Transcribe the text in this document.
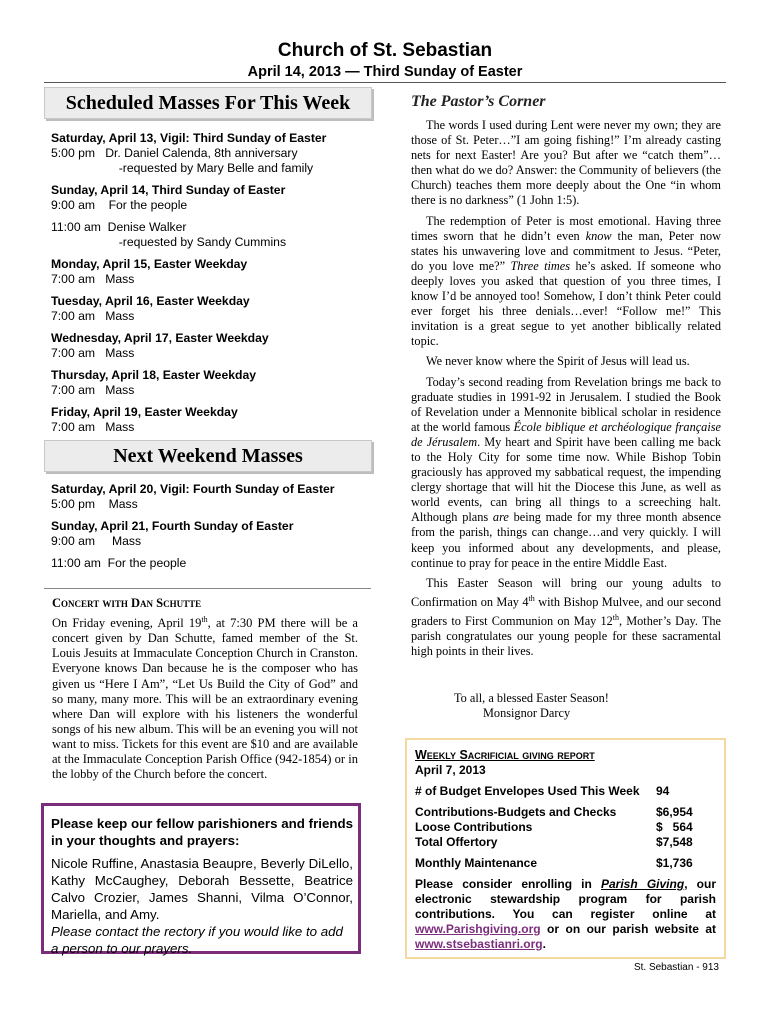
Church of St. Sebastian
April 14, 2013 — Third Sunday of Easter
Scheduled Masses For This Week
Saturday, April 13, Vigil: Third Sunday of Easter
5:00 pm   Dr. Daniel Calenda, 8th anniversary
-requested by Mary Belle and family
Sunday, April 14, Third Sunday of Easter
9:00 am    For the people
11:00 am  Denise Walker
-requested by Sandy Cummins
Monday, April 15, Easter Weekday
7:00 am   Mass
Tuesday, April 16, Easter Weekday
7:00 am   Mass
Wednesday, April 17, Easter Weekday
7:00 am   Mass
Thursday, April 18, Easter Weekday
7:00 am   Mass
Friday, April 19, Easter Weekday
7:00 am   Mass
Next Weekend Masses
Saturday, April 20, Vigil: Fourth Sunday of Easter
5:00 pm    Mass
Sunday, April 21, Fourth Sunday of Easter
9:00 am     Mass
11:00 am  For the people
Concert with Dan Schutte
On Friday evening, April 19th, at 7:30 PM there will be a concert given by Dan Schutte, famed member of the St. Louis Jesuits at Immaculate Conception Church in Cranston. Everyone knows Dan because he is the composer who has given us “Here I Am”, “Let Us Build the City of God” and so many, many more. This will be an extraordinary evening where Dan will explore with his listeners the wonderful songs of his new album. This will be an evening you will not want to miss. Tickets for this event are $10 and are available at the Immaculate Conception Parish Office (942-1854) or in the lobby of the Church before the concert.
Please keep our fellow parishioners and friends in your thoughts and prayers:
Nicole Ruffine, Anastasia Beaupre, Beverly DiLello, Kathy McCaughey, Deborah Bessette, Beatrice Calvo Crozier, James Shanni, Vilma O’Connor, Mariella, and Amy.
Please contact the rectory if you would like to add a person to our prayers.
The Pastor’s Corner

The words I used during Lent were never my own; they are those of St. Peter…”I am going fishing!” I’m already casting nets for next Easter! Are you? But after we “catch them”… then what do we do? Answer: the Community of believers (the Church) teaches them more deeply about the One “in whom there is no darkness” (1 John 1:5).

The redemption of Peter is most emotional. Having three times sworn that he didn’t even know the man, Peter now states his unwavering love and commitment to Jesus. “Peter, do you love me?” Three times he’s asked. If someone who deeply loves you asked that question of you three times, I know I’d be annoyed too! Somehow, I don’t think Peter could ever forget his three denials…ever! “Follow me!” This invitation is a great segue to yet another biblically related topic.

We never know where the Spirit of Jesus will lead us.

Today’s second reading from Revelation brings me back to graduate studies in 1991-92 in Jerusalem. I studied the Book of Revelation under a Mennonite biblical scholar in residence at the world famous École biblique et archéologique française de Jérusalem. My heart and Spirit have been calling me back to the Holy City for some time now. While Bishop Tobin graciously has approved my sabbatical request, the impending clergy shortage that will hit the Diocese this June, as well as world events, can bring all things to a screeching halt. Although plans are being made for my three month absence from the parish, things can change…and very quickly. I will keep you informed about any developments, and please, continue to pray for peace in the entire Middle East.

This Easter Season will bring our young adults to Confirmation on May 4th with Bishop Mulvee, and our second graders to First Communion on May 12th, Mother’s Day. The parish congratulates our young people for these sacramental high points in their lives.

To all, a blessed Easter Season!
Monsignor Darcy
Weekly Sacrificial giving report
April 7, 2013
# of Budget Envelopes Used This Week 94
Contributions-Budgets and Checks	$6,954
Loose Contributions	$   564
Total Offertory	$7,548
Monthly Maintenance	$1,736
Please consider enrolling in Parish Giving, our electronic stewardship program for parish contributions. You can register online at www.Parishgiving.org or on our parish website at www.stsebastianri.org.
St. Sebastian - 913
